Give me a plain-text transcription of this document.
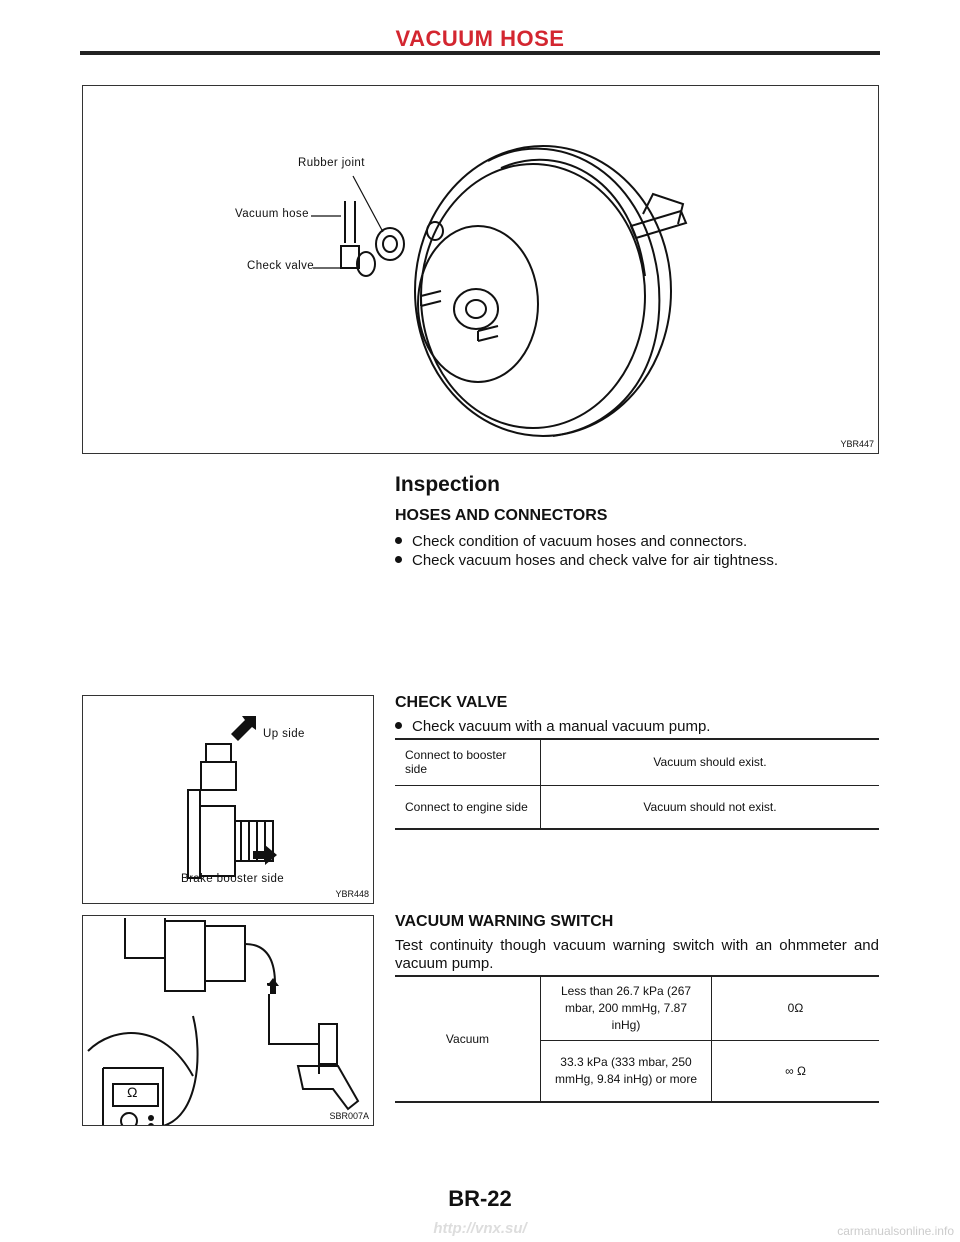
VACUUM HOSE
Rubber joint
Vacuum hose
Check valve
YBR447
Inspection
HOSES AND CONNECTORS
Check condition of vacuum hoses and connectors.
Check vacuum hoses and check valve for air tightness.
Up side
Brake booster side
YBR448
CHECK VALVE
Check vacuum with a manual vacuum pump.
Connect to booster side	Vacuum should exist.
Connect to engine side	Vacuum should not exist.
Ω
SBR007A
VACUUM WARNING SWITCH
Test continuity though vacuum warning switch with an ohmmeter and vacuum pump.
Vacuum	Less than 26.7 kPa (267 mbar, 200 mmHg, 7.87 inHg)	0Ω
	33.3 kPa (333 mbar, 250 mmHg, 9.84 inHg) or more	∞ Ω
BR-22
http://vnx.su/	carmanualsonline.info
